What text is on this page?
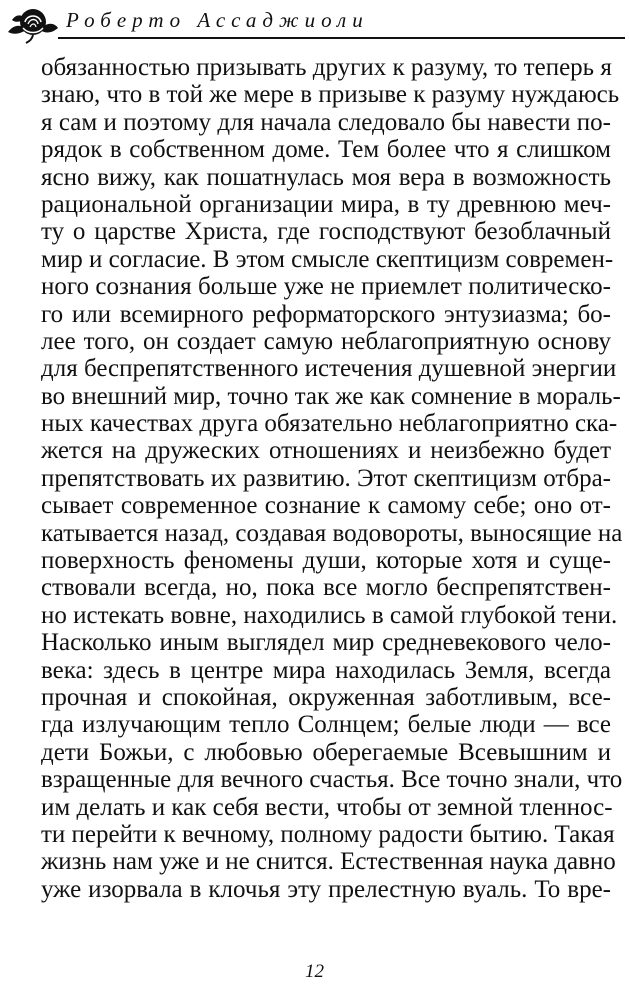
Роберто Ассаджиоли
обязанностью призывать других к разуму, то теперь я
знаю, что в той же мере в призыве к разуму нуждаюсь
я сам и поэтому для начала следовало бы навести по-
рядок в собственном доме. Тем более что я слишком
ясно вижу, как пошатнулась моя вера в возможность
рациональной организации мира, в ту древнюю меч-
ту о царстве Христа, где господствуют безоблачный
мир и согласие. В этом смысле скептицизм современ-
ного сознания больше уже не приемлет политическо-
го или всемирного реформаторского энтузиазма; бо-
лее того, он создает самую неблагоприятную основу
для беспрепятственного истечения душевной энергии
во внешний мир, точно так же как сомнение в мораль-
ных качествах друга обязательно неблагоприятно ска-
жется на дружеских отношениях и неизбежно будет
препятствовать их развитию. Этот скептицизм отбра-
сывает современное сознание к самому себе; оно от-
катывается назад, создавая водовороты, выносящие на
поверхность феномены души, которые хотя и суще-
ствовали всегда, но, пока все могло беспрепятствен-
но истекать вовне, находились в самой глубокой тени.
Насколько иным выглядел мир средневекового чело-
века: здесь в центре мира находилась Земля, всегда
прочная и спокойная, окруженная заботливым, все-
гда излучающим тепло Солнцем; белые люди — все
дети Божьи, с любовью оберегаемые Всевышним и
взращенные для вечного счастья. Все точно знали, что
им делать и как себя вести, чтобы от земной тленнос-
ти перейти к вечному, полному радости бытию. Такая
жизнь нам уже и не снится. Естественная наука давно
уже изорвала в клочья эту прелестную вуаль. То вре-
12
